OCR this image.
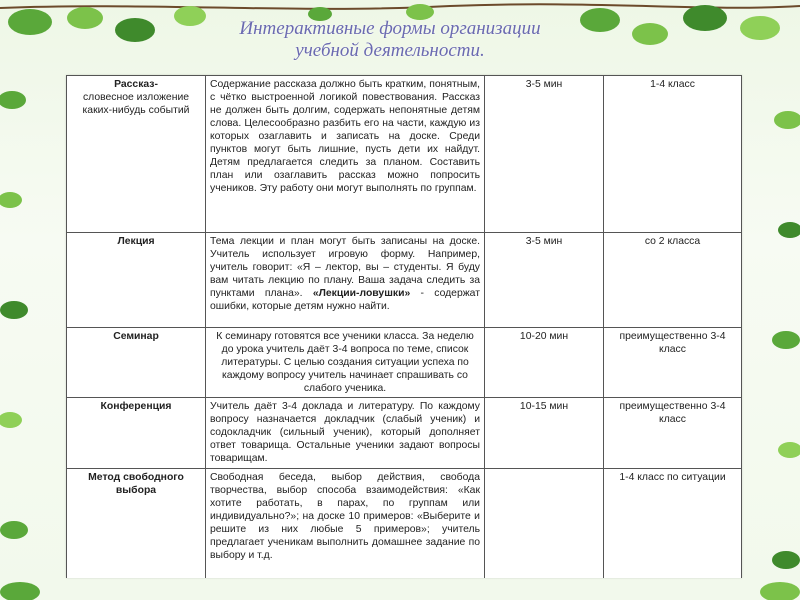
Интерактивные формы организации
учебной деятельности.
Рассказ-
словесное изложение каких-нибудь событий	Содержание рассказа должно быть кратким, понятным, с чётко выстроенной логикой повествования. Рассказ не должен быть долгим, содержать непонятные детям слова. Целесообразно разбить его на части, каждую из которых озаглавить и записать на доске. Среди пунктов могут быть лишние, пусть дети их найдут. Детям предлагается следить за планом. Составить план или озаглавить рассказ можно попросить учеников. Эту работу они могут выполнять по группам.	3-5 мин	1-4 класс
Лекция	Тема лекции и план могут быть записаны на доске. Учитель использует игровую форму. Например, учитель говорит: «Я – лектор, вы – студенты. Я буду вам читать лекцию по плану. Ваша задача следить за пунктами плана». «Лекции-ловушки» - содержат ошибки, которые детям нужно найти.	3-5 мин	со 2 класса
Семинар	К семинару готовятся все ученики класса. За неделю до урока учитель даёт 3-4 вопроса по теме, список литературы. С целью создания ситуации успеха по каждому вопросу учитель начинает спрашивать со слабого ученика.	10-20 мин	преимущественно 3-4 класс
Конференция	Учитель даёт 3-4 доклада и литературу. По каждому вопросу назначается докладчик (слабый ученик) и содокладчик (сильный ученик), который дополняет ответ товарища. Остальные ученики задают вопросы товарищам.	10-15 мин	преимущественно 3-4 класс
Метод свободного выбора	Свободная беседа, выбор действия, свобода творчества, выбор способа взаимодействия: «Как хотите работать, в парах, по группам или индивидуально?»; на доске 10 примеров: «Выберите и решите из них любые 5 примеров»; учитель предлагает ученикам выполнить домашнее задание по выбору и т.д.		1-4 класс по ситуации
